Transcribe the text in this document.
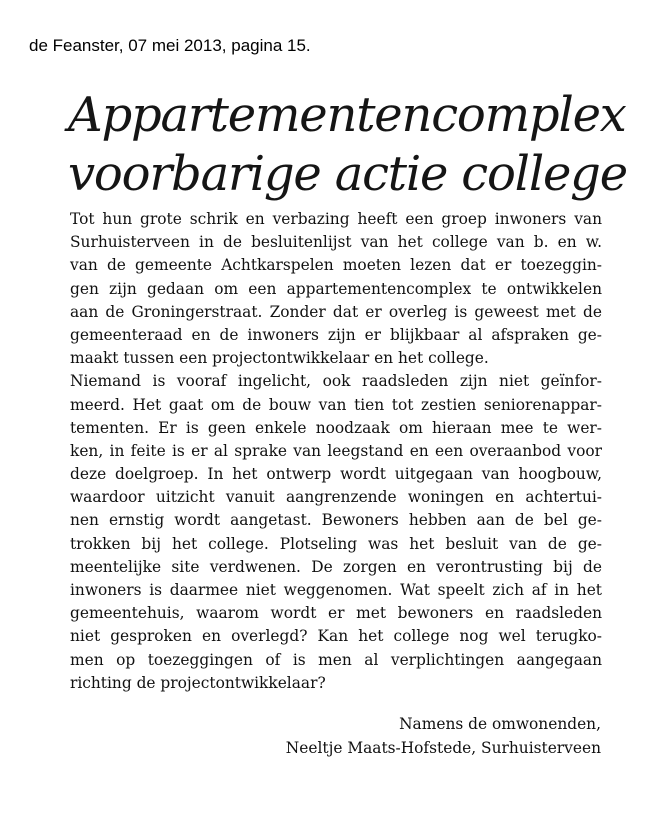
de Feanster, 07 mei 2013, pagina 15.
Appartementencomplex
voorbarige actie college
Tot hun grote schrik en verbazing heeft een groep inwoners van
Surhuisterveen in de besluitenlijst van het college van b. en w.
van de gemeente Achtkarspelen moeten lezen dat er toezeggin-
gen zijn gedaan om een appartementencomplex te ontwikkelen
aan de Groningerstraat. Zonder dat er overleg is geweest met de
gemeenteraad en de inwoners zijn er blijkbaar al afspraken ge-
maakt tussen een projectontwikkelaar en het college.
Niemand is vooraf ingelicht, ook raadsleden zijn niet geïnfor-
meerd. Het gaat om de bouw van tien tot zestien seniorenappar-
tementen. Er is geen enkele noodzaak om hieraan mee te wer-
ken, in feite is er al sprake van leegstand en een overaanbod voor
deze doelgroep. In het ontwerp wordt uitgegaan van hoogbouw,
waardoor uitzicht vanuit aangrenzende woningen en achtertui-
nen ernstig wordt aangetast. Bewoners hebben aan de bel ge-
trokken bij het college. Plotseling was het besluit van de ge-
meentelijke site verdwenen. De zorgen en verontrusting bij de
inwoners is daarmee niet weggenomen. Wat speelt zich af in het
gemeentehuis, waarom wordt er met bewoners en raadsleden
niet gesproken en overlegd? Kan het college nog wel terugko-
men op toezeggingen of is men al verplichtingen aangegaan
richting de projectontwikkelaar?
Namens de omwonenden,
Neeltje Maats-Hofstede, Surhuisterveen
